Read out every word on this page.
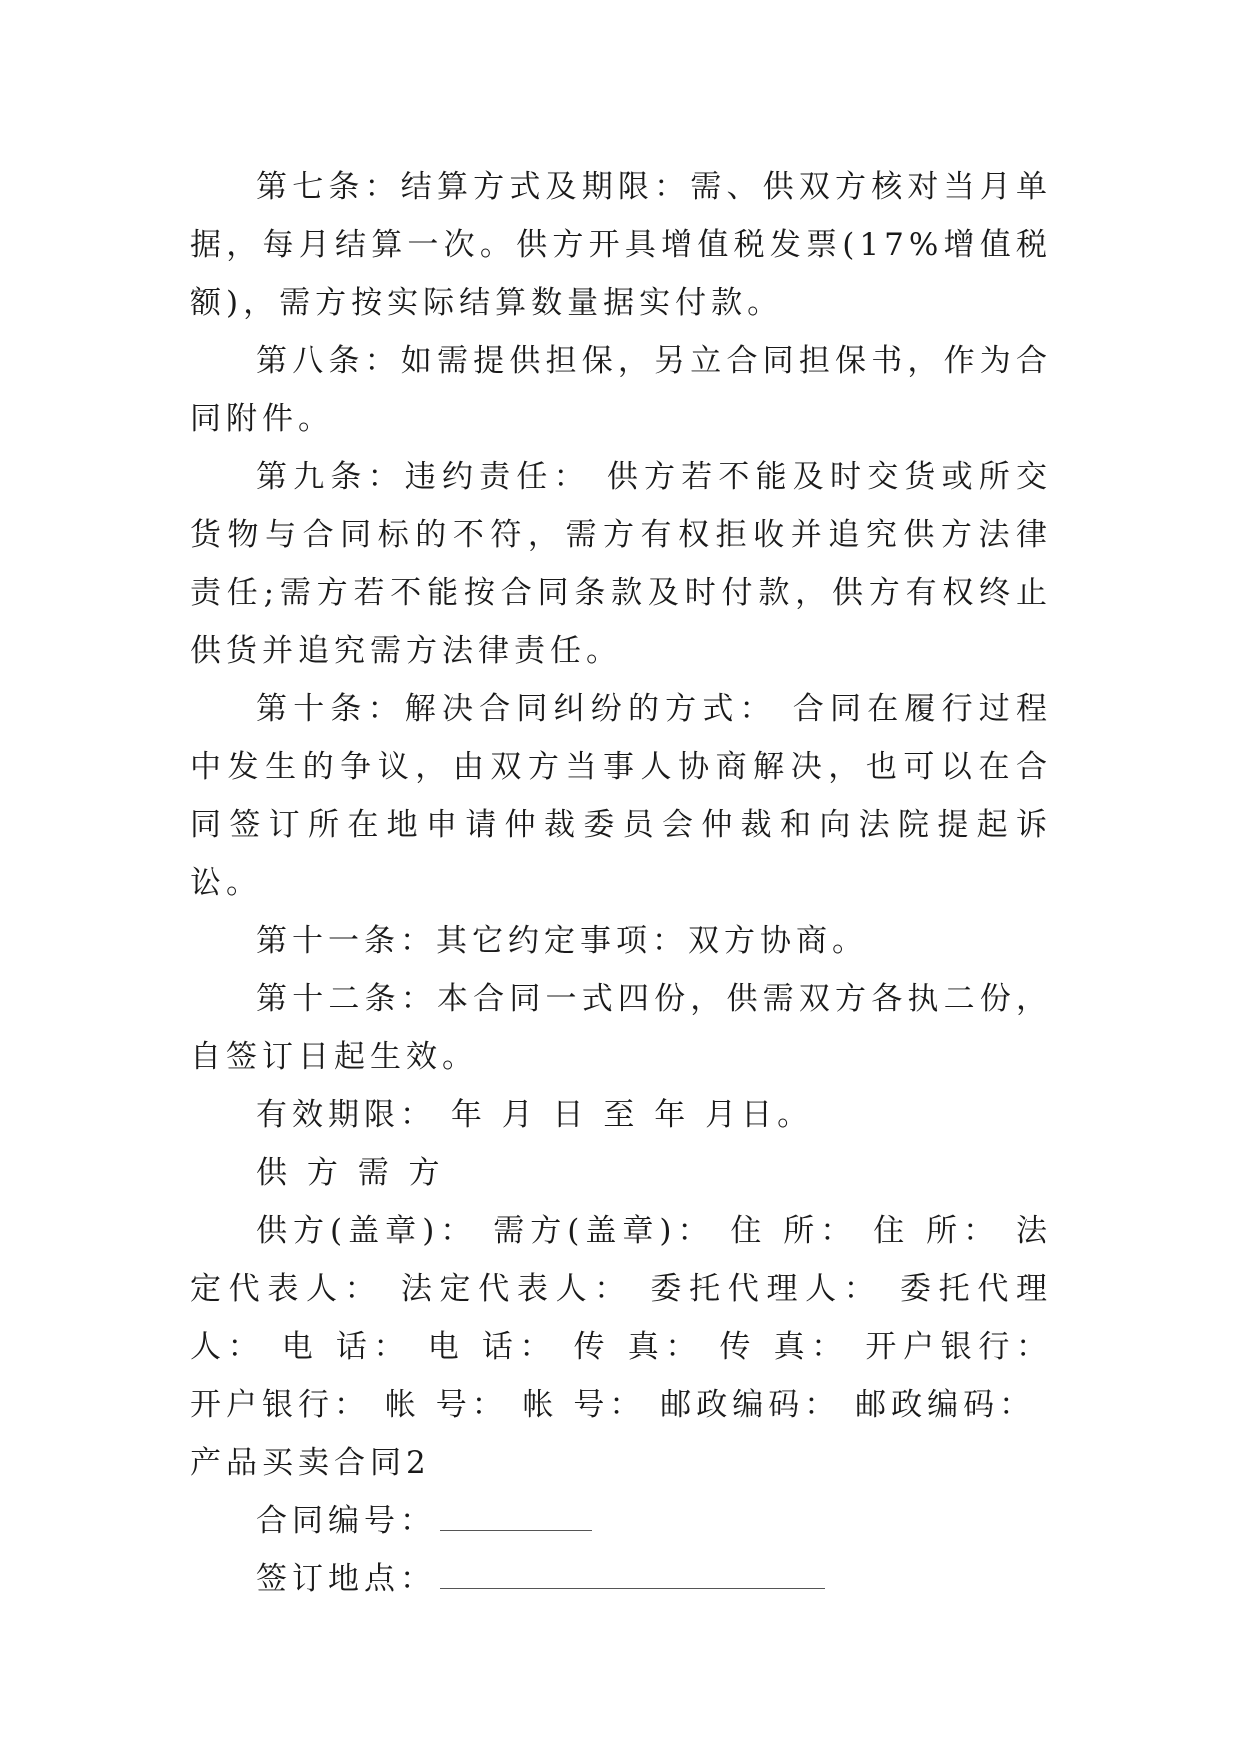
第七条：结算方式及期限：需、供双方核对当月单据，每月结算一次。供方开具增值税发票(17%增值税额)，需方按实际结算数量据实付款。

第八条：如需提供担保，另立合同担保书，作为合同附件。

第九条：违约责任： 供方若不能及时交货或所交货物与合同标的不符，需方有权拒收并追究供方法律责任;需方若不能按合同条款及时付款，供方有权终止供货并追究需方法律责任。

第十条：解决合同纠纷的方式： 合同在履行过程中发生的争议，由双方当事人协商解决，也可以在合同签订所在地申请仲裁委员会仲裁和向法院提起诉讼。

第十一条：其它约定事项：双方协商。

第十二条：本合同一式四份，供需双方各执二份，自签订日起生效。

有效期限： 年 月 日 至 年 月日。

供 方 需 方

供方(盖章)： 需方(盖章)： 住 所： 住 所： 法定代表人： 法定代表人： 委托代理人： 委托代理人： 电 话： 电 话： 传 真： 传 真： 开户银行： 开户银行： 帐 号： 帐 号： 邮政编码： 邮政编码：

产品买卖合同2

合同编号：

签订地点：
